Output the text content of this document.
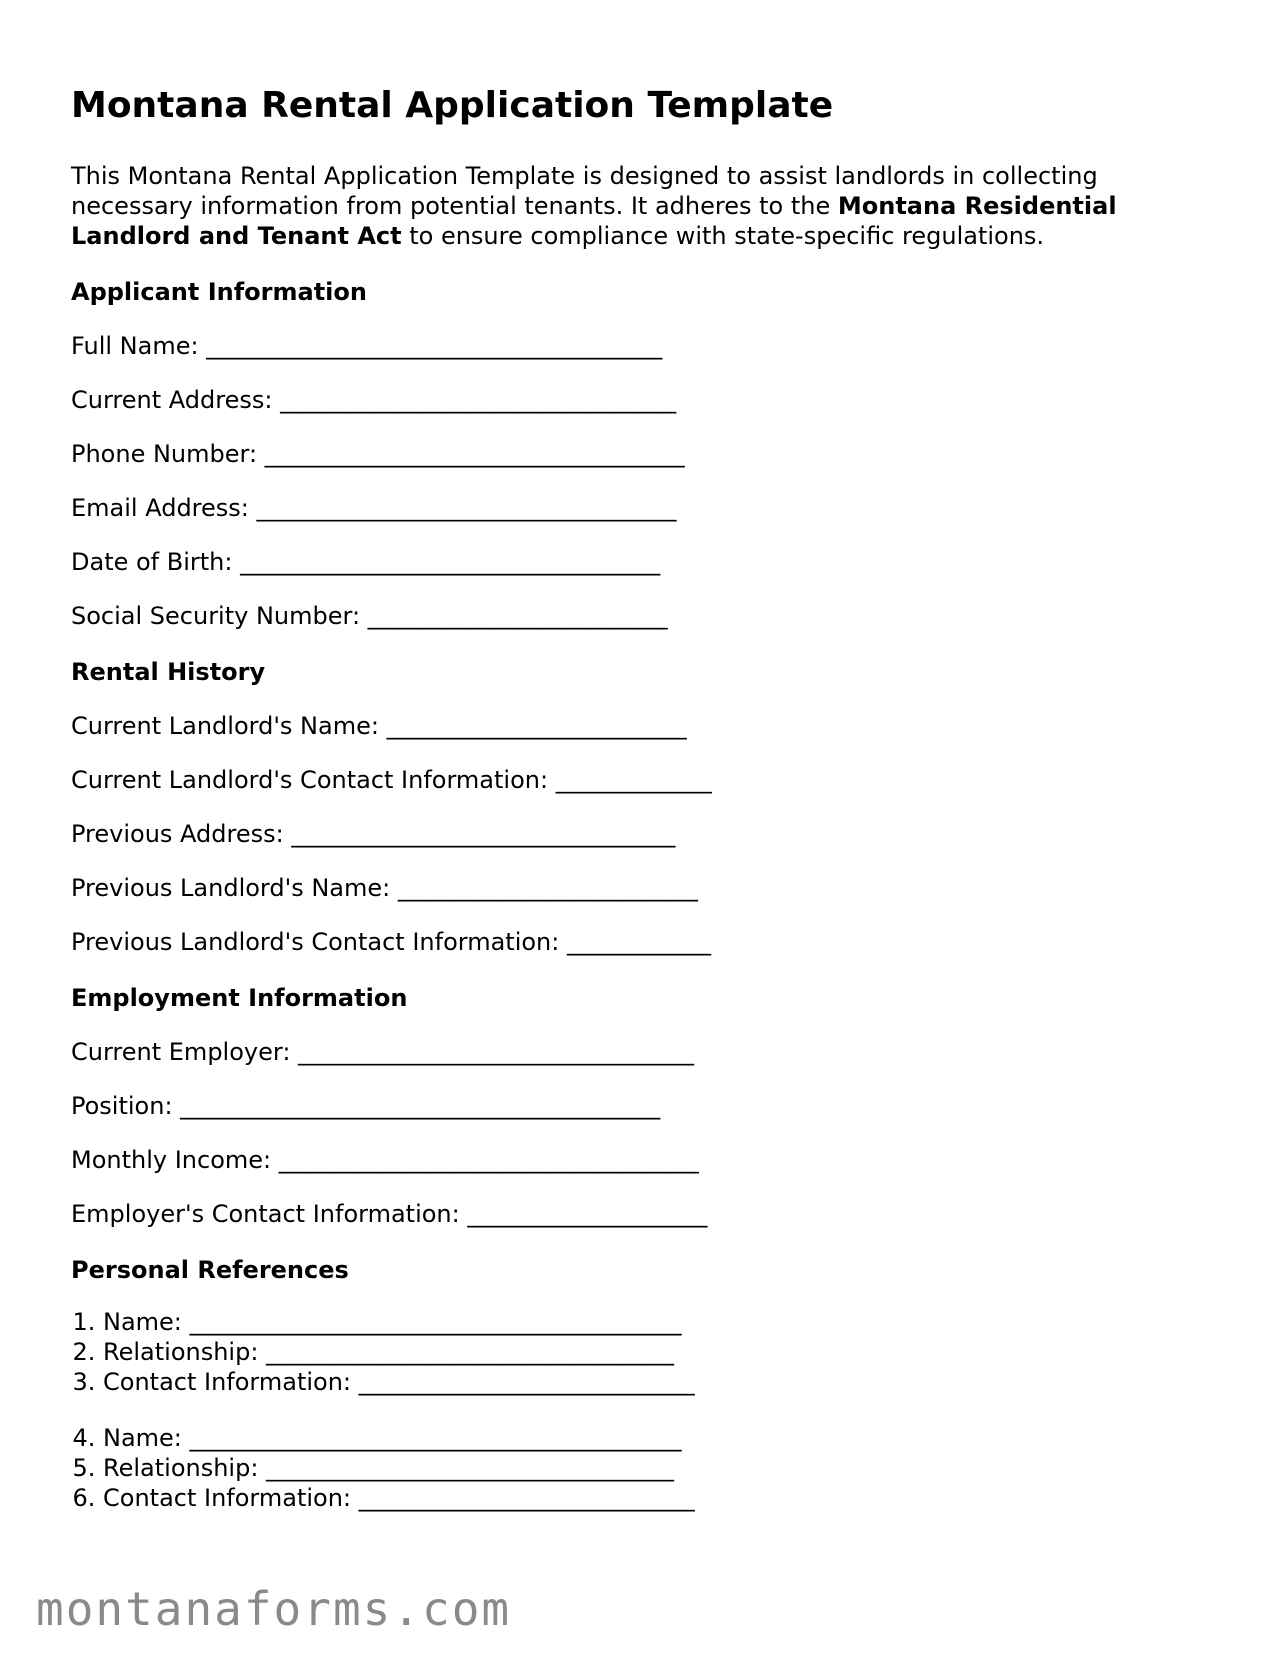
Montana Rental Application Template

This Montana Rental Application Template is designed to assist landlords in collecting necessary information from potential tenants. It adheres to the Montana Residential Landlord and Tenant Act to ensure compliance with state-specific regulations.

Applicant Information
Full Name: ______________________________________
Current Address: _________________________________
Phone Number: ___________________________________
Email Address: ___________________________________
Date of Birth: ___________________________________
Social Security Number: _________________________
Rental History
Current Landlord's Name: _________________________
Current Landlord's Contact Information: _____________
Previous Address: ________________________________
Previous Landlord's Name: _________________________
Previous Landlord's Contact Information: ____________
Employment Information
Current Employer: _________________________________
Position: ________________________________________
Monthly Income: ___________________________________
Employer's Contact Information: ____________________
Personal References
1. Name: _________________________________________
2. Relationship: __________________________________
3. Contact Information: ____________________________
4. Name: _________________________________________
5. Relationship: __________________________________
6. Contact Information: ____________________________
montanaforms.com
